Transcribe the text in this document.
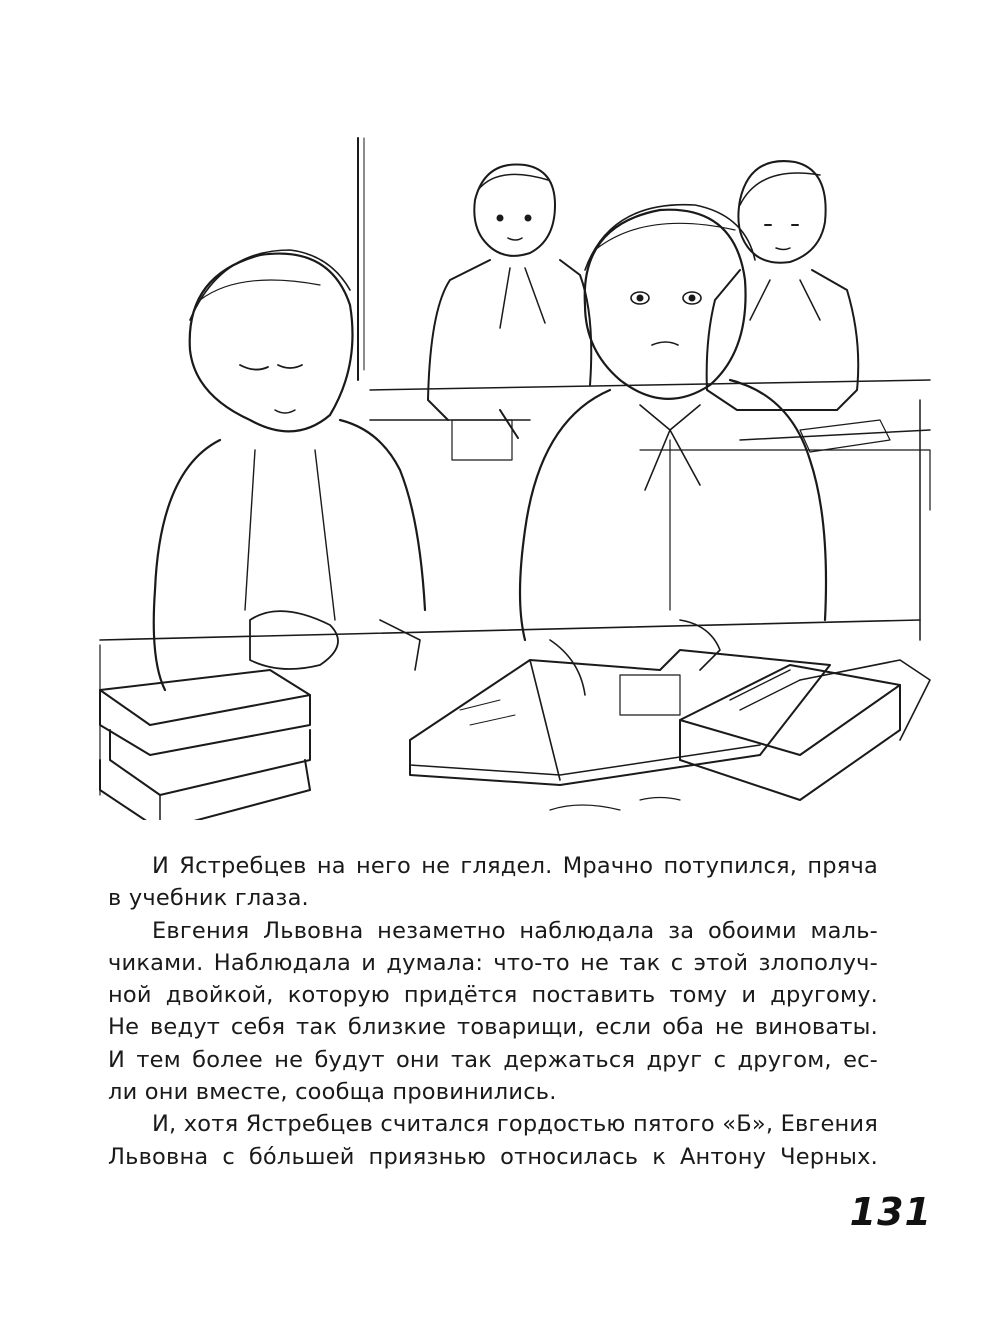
И Ястребцев на него не глядел. Мрачно потупился, пряча
в учебник глаза.

Евгения Львовна незаметно наблюдала за обоими маль-
чиками. Наблюдала и думала: что-то не так с этой злополуч-
ной двойкой, которую придётся поставить тому и другому.
Не ведут себя так близкие товарищи, если оба не виноваты.
И тем более не будут они так держаться друг с другом, ес-
ли они вместе, сообща провинились.

И, хотя Ястребцев считался гордостью пятого «Б», Евгения
Львовна с бóльшей приязнью относилась к Антону Черных.

131
